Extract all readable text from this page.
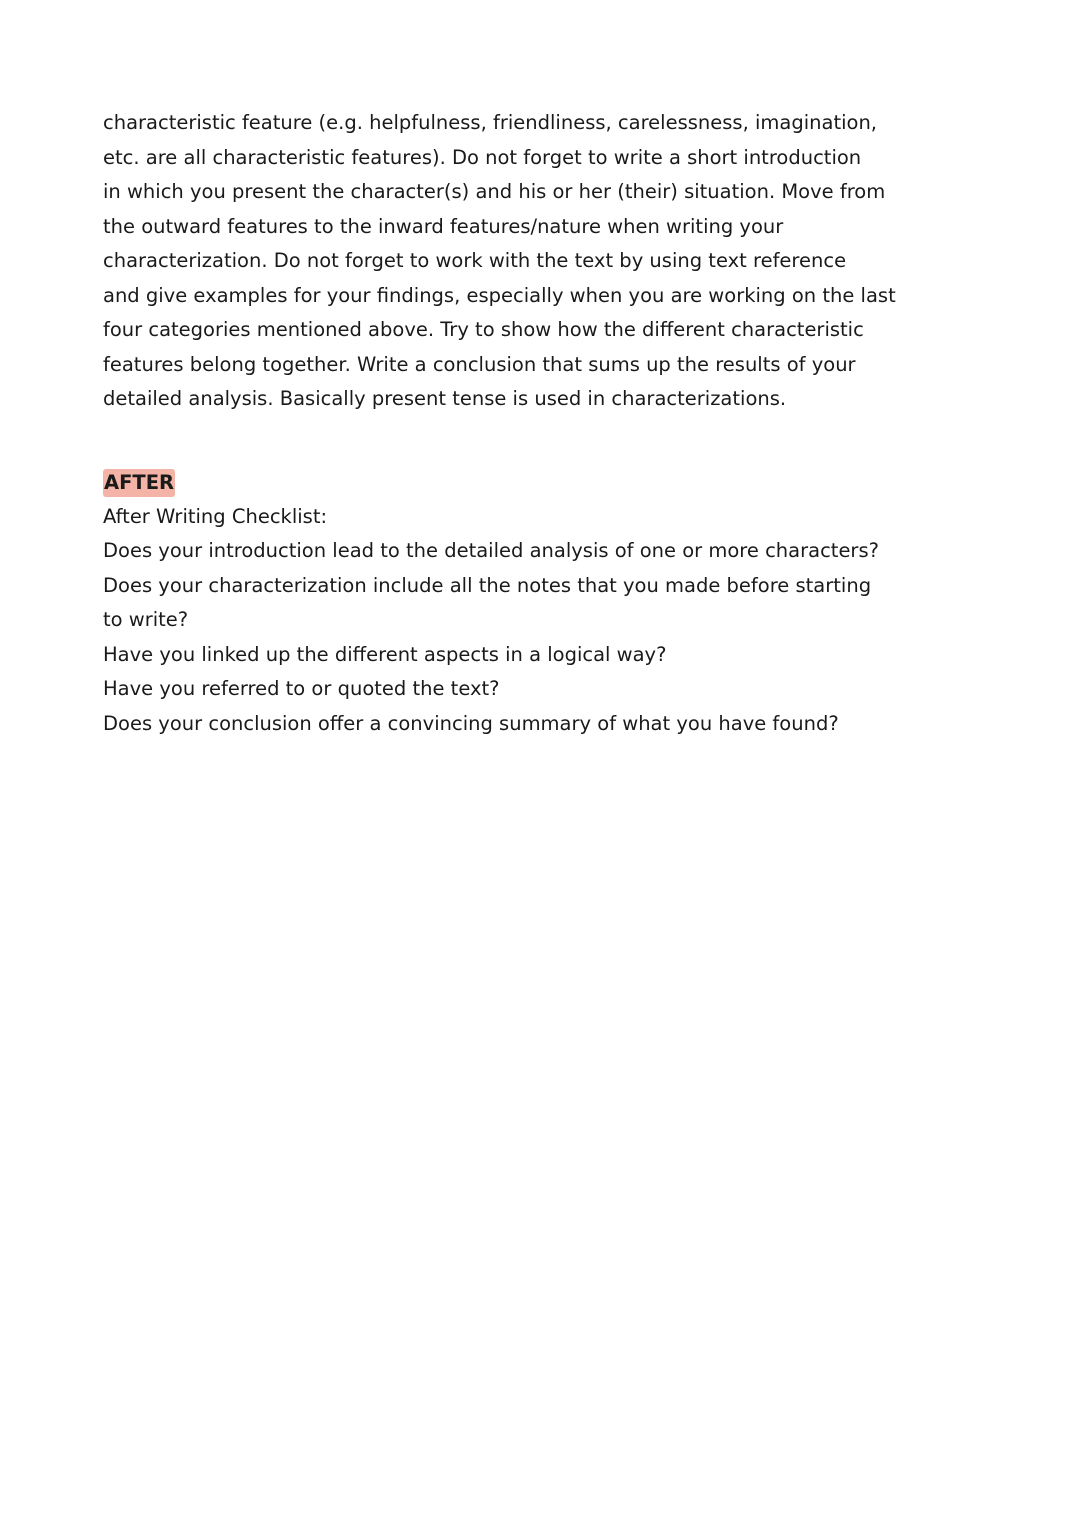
characteristic feature (e.g. helpfulness, friendliness, carelessness, imagination,
etc. are all characteristic features). Do not forget to write a short introduction
in which you present the character(s) and his or her (their) situation. Move from
the outward features to the inward features/nature when writing your
characterization. Do not forget to work with the text by using text reference
and give examples for your findings, especially when you are working on the last
four categories mentioned above. Try to show how the different characteristic
features belong together. Write a conclusion that sums up the results of your
detailed analysis. Basically present tense is used in characterizations.
AFTER
After Writing Checklist:
Does your introduction lead to the detailed analysis of one or more characters?
Does your characterization include all the notes that you made before starting
to write?
Have you linked up the different aspects in a logical way?
Have you referred to or quoted the text?
Does your conclusion offer a convincing summary of what you have found?
